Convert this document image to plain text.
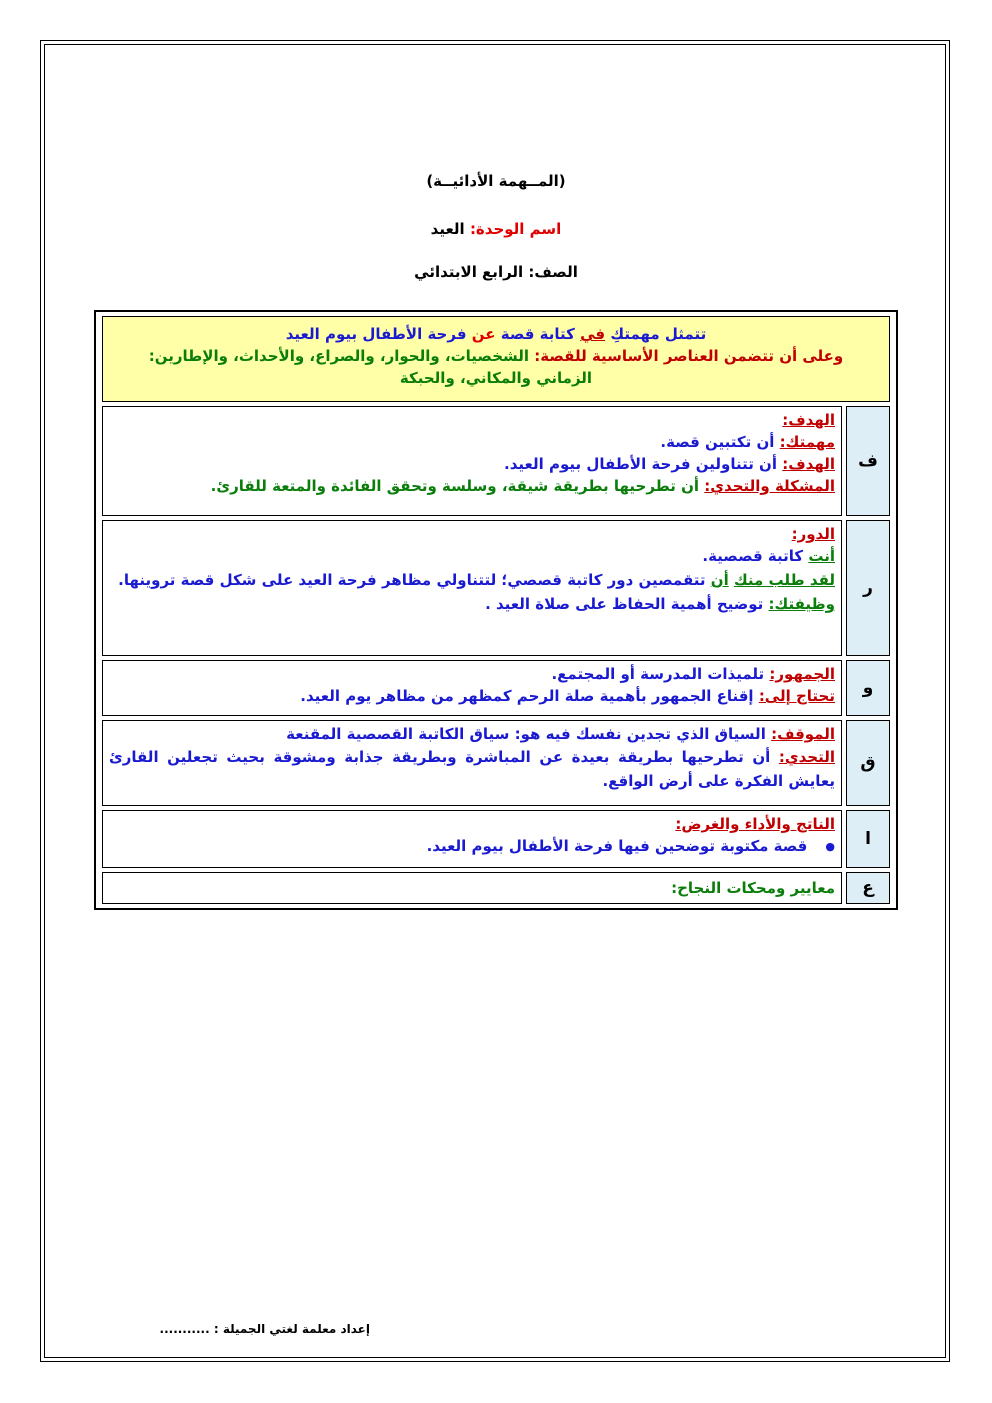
(المــهمة الأدائيــة)
اسم الوحدة: العيد
الصف: الرابع الابتدائي
تتمثل مهمتكِ في كتابة قصة عن فرحة الأطفال بيوم العيد
وعلى أن تتضمن العناصر الأساسية للقصة: الشخصيات، والحوار، والصراع، والأحداث، والإطارين:
الزماني والمكاني، والحبكة
ف
الهدف:
مهمتك: أن تكتبين قصة.
الهدف: أن تتناولين فرحة الأطفال بيوم العيد.
المشكلة والتحدي: أن تطرحيها بطريقة شيقة، وسلسة وتحقق الفائدة والمتعة للقارئ.
ر
الدور:
أنت كاتبة قصصية.
لقد طلب منك أن تتقمصين دور كاتبة قصصي؛ لتتناولي مظاهر فرحة العيد على شكل قصة تروينها.
وظيفتك: توضيح أهمية الحفاظ على صلاة العيد .
و
الجمهور: تلميذات المدرسة أو المجتمع.
تحتاج إلى: إقناع الجمهور بأهمية صلة الرحم كمظهر من مظاهر يوم العيد.
ق
الموقف: السياق الذي تجدين نفسك فيه هو: سياق الكاتبة القصصية المقنعة
التحدي: أن تطرحيها بطريقة بعيدة عن المباشرة وبطريقة جذابة ومشوقة بحيث تجعلين القارئ يعايش الفكرة على أرض الواقع.
ا
الناتج والأداء والغرض:
● قصة مكتوبة توضحين فيها فرحة الأطفال بيوم العيد.
ع
معايير ومحكات النجاح:
إعداد معلمة لغتي الجميلة : ...........
